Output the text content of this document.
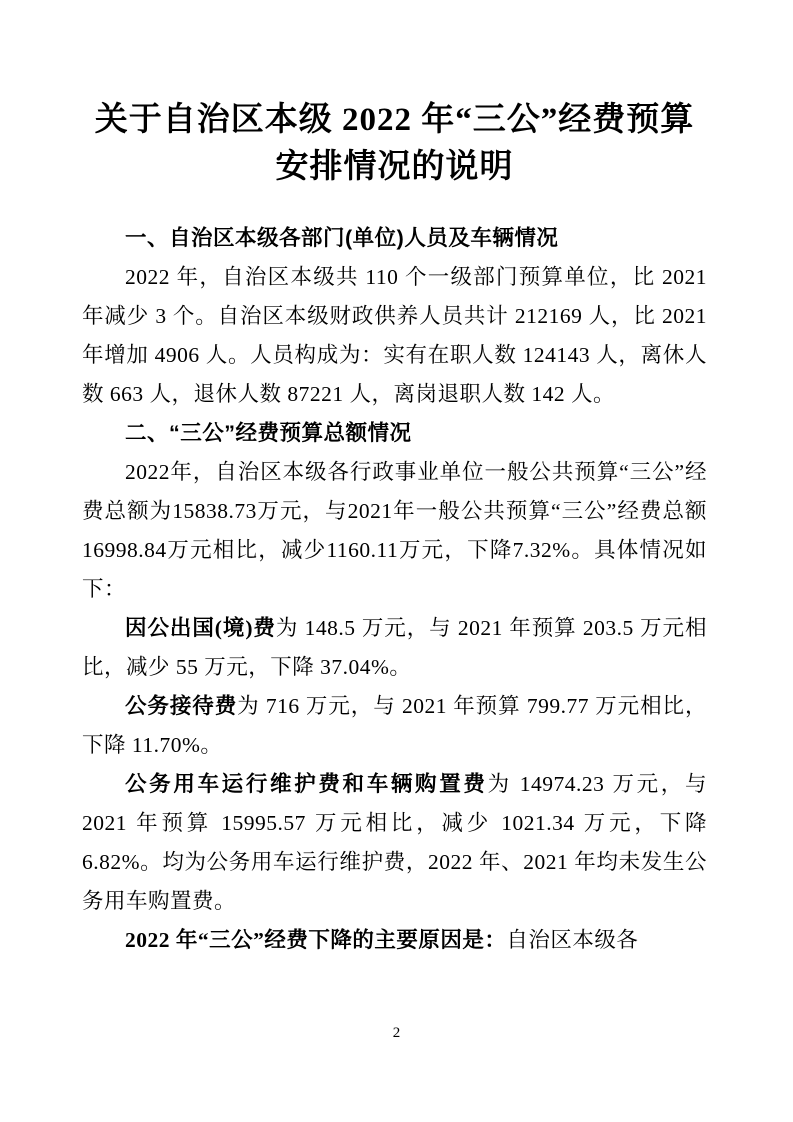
关于自治区本级 2022 年“三公”经费预算
安排情况的说明
一、自治区本级各部门(单位)人员及车辆情况

2022 年，自治区本级共 110 个一级部门预算单位，比 2021 年减少 3 个。自治区本级财政供养人员共计 212169 人，比 2021 年增加 4906 人。人员构成为：实有在职人数 124143 人，离休人数 663 人，退休人数 87221 人，离岗退职人数 142 人。

二、“三公”经费预算总额情况

2022年，自治区本级各行政事业单位一般公共预算“三公”经费总额为15838.73万元，与2021年一般公共预算“三公”经费总额16998.84万元相比，减少1160.11万元，下降7.32%。具体情况如下：

因公出国(境)费为 148.5 万元，与 2021 年预算 203.5 万元相比，减少 55 万元，下降 37.04%。

公务接待费为 716 万元，与 2021 年预算 799.77 万元相比，下降 11.70%。

公务用车运行维护费和车辆购置费为 14974.23 万元，与 2021 年预算 15995.57 万元相比，减少 1021.34 万元，下降 6.82%。均为公务用车运行维护费，2022 年、2021 年均未发生公务用车购置费。

2022 年“三公”经费下降的主要原因是：自治区本级各

2
